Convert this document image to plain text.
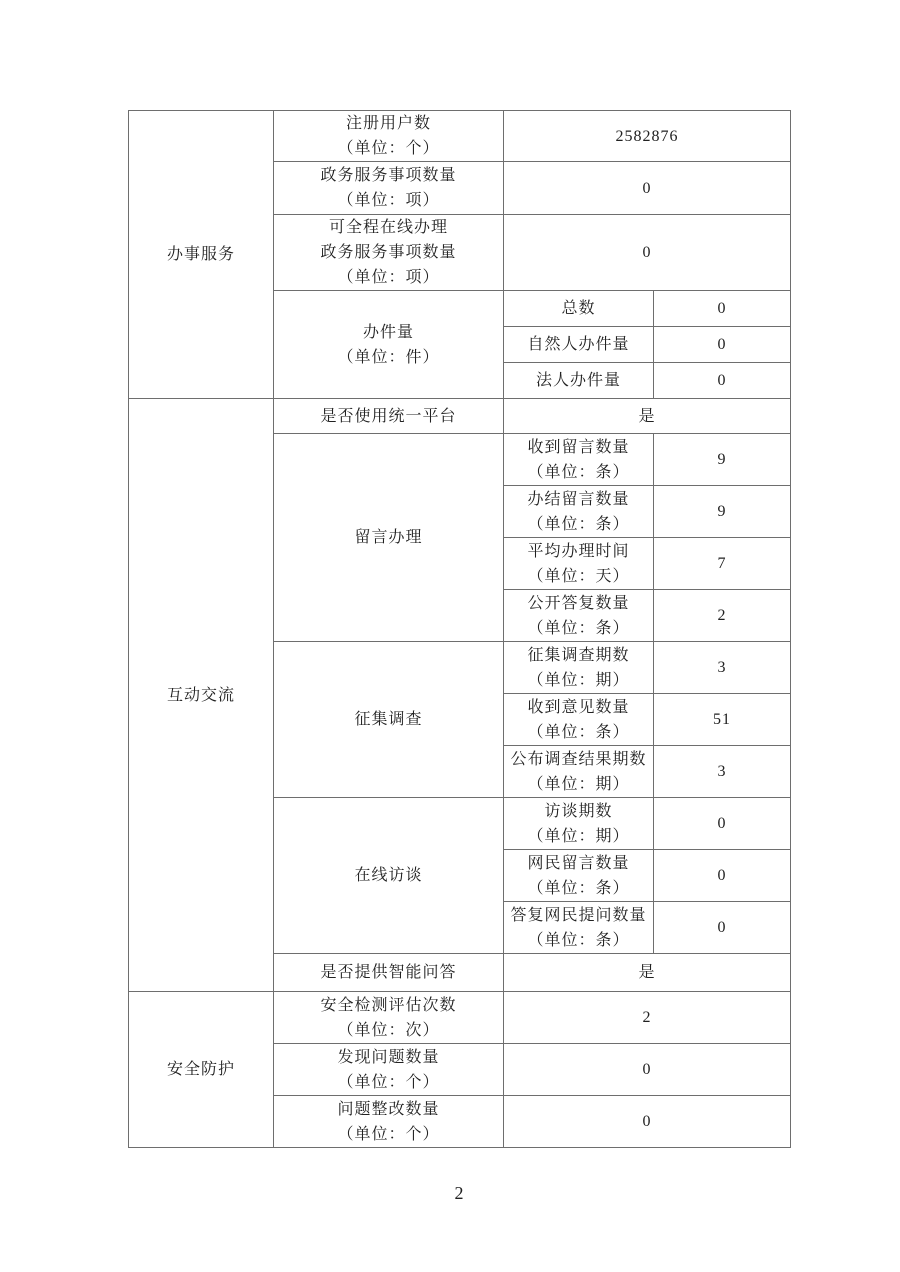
办事服务	注册用户数
（单位：个）	2582876	

	政务服务事项数量
（单位：项）	0	

	可全程在线办理
政务服务事项数量
（单位：项）	0	

	办件量
（单位：件）	总数	0
		自然人办件量	0
		法人办件量	0
互动交流	是否使用统一平台	是	
	留言办理	收到留言数量
（单位：条）	9

		办结留言数量
（单位：条）	9

		平均办理时间
（单位：天）	7

		公开答复数量
（单位：条）	2
	征集调查	征集调查期数
（单位：期）	3

		收到意见数量
（单位：条）	51

		公布调查结果期数
（单位：期）	3
	在线访谈	访谈期数
（单位：期）	0

		网民留言数量
（单位：条）	0

		答复网民提问数量
（单位：条）	0
	是否提供智能问答	是	
安全防护	安全检测评估次数
（单位：次）	2	

	发现问题数量
（单位：个）	0	

	问题整改数量
（单位：个）	0	
2
